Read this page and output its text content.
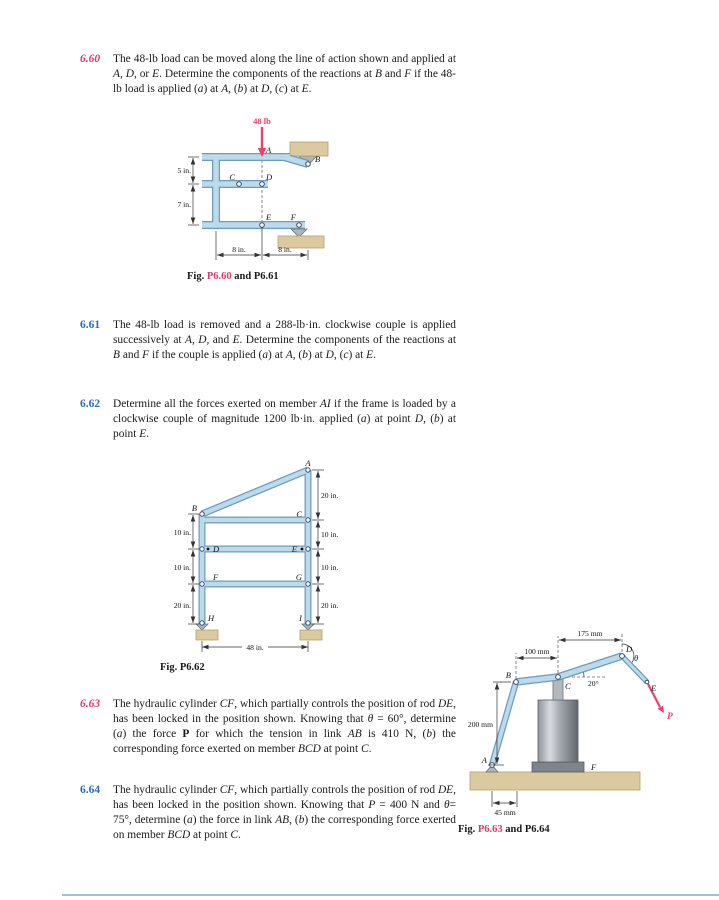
6.60	The 48-lb load can be moved along the line of action shown and applied at A, D, or E. Determine the components of the reactions at B and F if the 48-lb load is applied (a) at A, (b) at D, (c) at E.
48 lb
5 in.
7 in.
8 in.	8 in.
A
B
C	D
E F
Fig. P6.60 and P6.61
6.61	The 48-lb load is removed and a 288-lb·in. clockwise couple is applied successively at A, D, and E. Determine the components of the reactions at B and F if the couple is applied (a) at A, (b) at D, (c) at E.
6.62	Determine all the forces exerted on member AI if the frame is loaded by a clockwise couple of magnitude 1200 lb·in. applied (a) at point D, (b) at point E.
10 in.
10 in.
20 in.
20 in.
10 in.
10 in.
20 in.
48 in.
A
B
C
D	E
F	G
H	I
Fig. P6.62
6.63	The hydraulic cylinder CF, which partially controls the position of rod DE, has been locked in the position shown. Knowing that θ = 60°, determine (a) the force P for which the tension in link AB is 410 N, (b) the corresponding force exerted on member BCD at point C.
6.64	The hydraulic cylinder CF, which partially controls the position of rod DE, has been locked in the position shown. Knowing that P = 400 N and θ= 75°, determine (a) the force in link AB, (b) the corresponding force exerted on member BCD at point C.
P
200 mm
100 mm
175 mm
45 mm
θ
20°
A
B
C
D
E
F
Fig. P6.63 and P6.64
